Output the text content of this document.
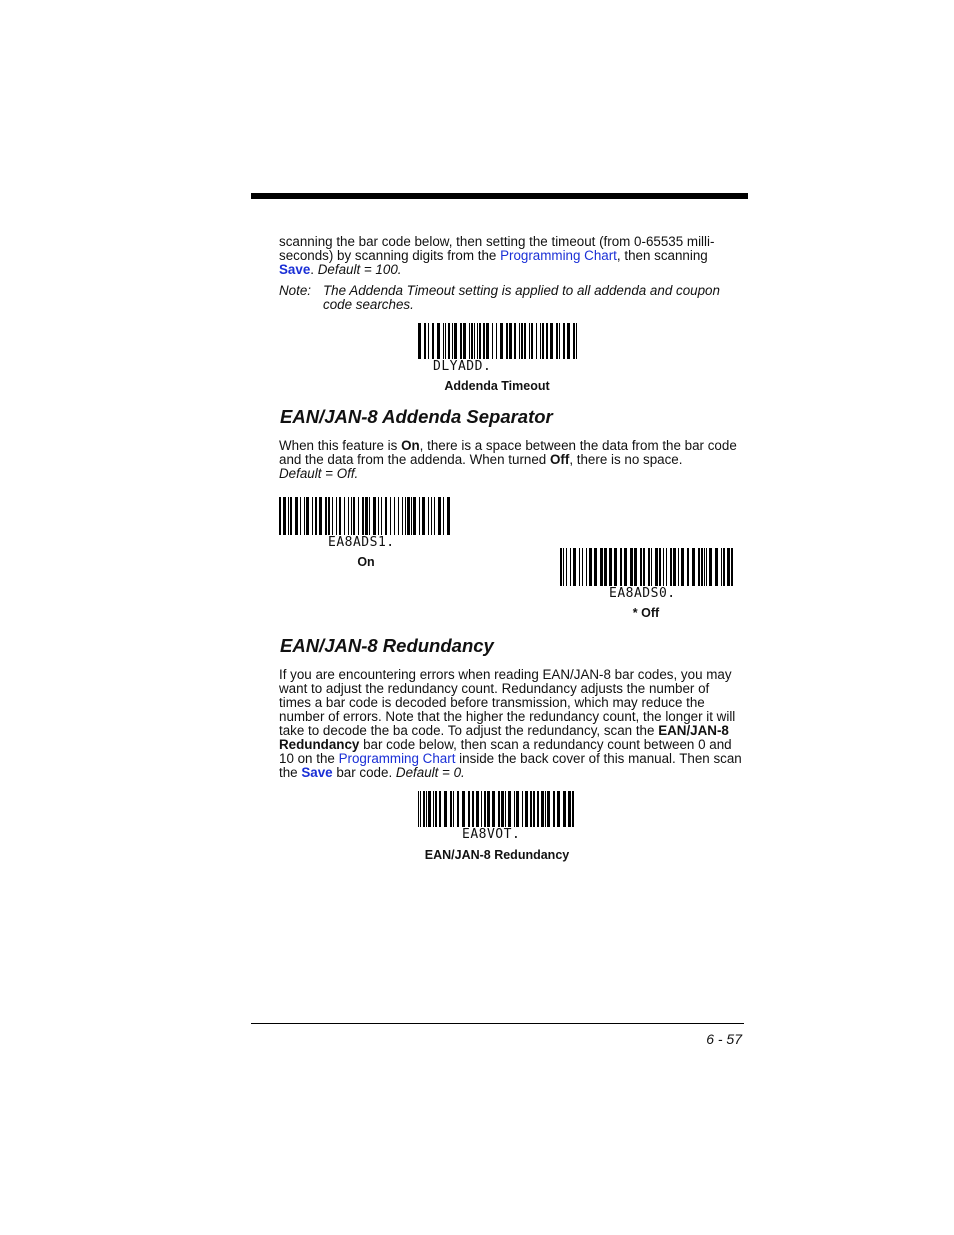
scanning the bar code below, then setting the timeout (from 0-65535 milli-
seconds) by scanning digits from the Programming Chart, then scanning
Save. Default = 100.
Note: The Addenda Timeout setting is applied to all addenda and coupon code searches.
DLYADD.
Addenda Timeout
EAN/JAN-8 Addenda Separator
When this feature is On, there is a space between the data from the bar code and the data from the addenda. When turned Off, there is no space.
Default = Off.
EA8ADS1.
On
EA8ADS0.
* Off
EAN/JAN-8 Redundancy
If you are encountering errors when reading EAN/JAN-8 bar codes, you may want to adjust the redundancy count. Redundancy adjusts the number of times a bar code is decoded before transmission, which may reduce the number of errors. Note that the higher the redundancy count, the longer it will take to decode the ba code. To adjust the redundancy, scan the EAN/JAN-8 Redundancy bar code below, then scan a redundancy count between 0 and 10 on the Programming Chart inside the back cover of this manual. Then scan the Save bar code. Default = 0.
EA8VOT.
EAN/JAN-8 Redundancy
6 - 57
